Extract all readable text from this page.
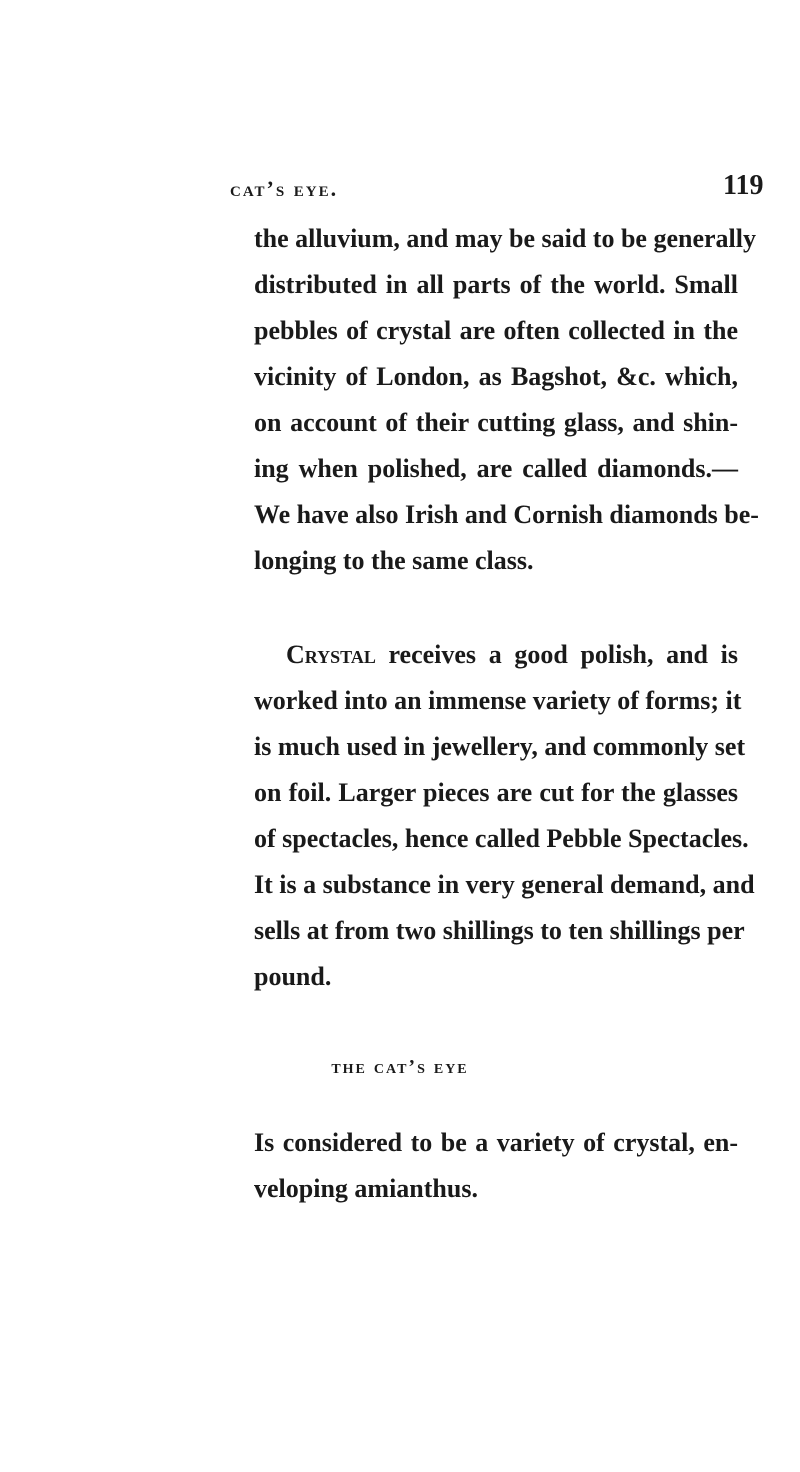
cat’s eye.	119
the alluvium, and may be said to be generally
distributed in all parts of the world. Small
pebbles of crystal are often collected in the
vicinity of London, as Bagshot, &c. which,
on account of their cutting glass, and shin-
ing when polished, are called diamonds.—
We have also Irish and Cornish diamonds be-
longing to the same class.
Crystal receives a good polish, and is
worked into an immense variety of forms; it
is much used in jewellery, and commonly set
on foil. Larger pieces are cut for the glasses
of spectacles, hence called Pebble Spectacles.
It is a substance in very general demand, and
sells at from two shillings to ten shillings per
pound.
the cat’s eye
Is considered to be a variety of crystal, en-
veloping amianthus.
